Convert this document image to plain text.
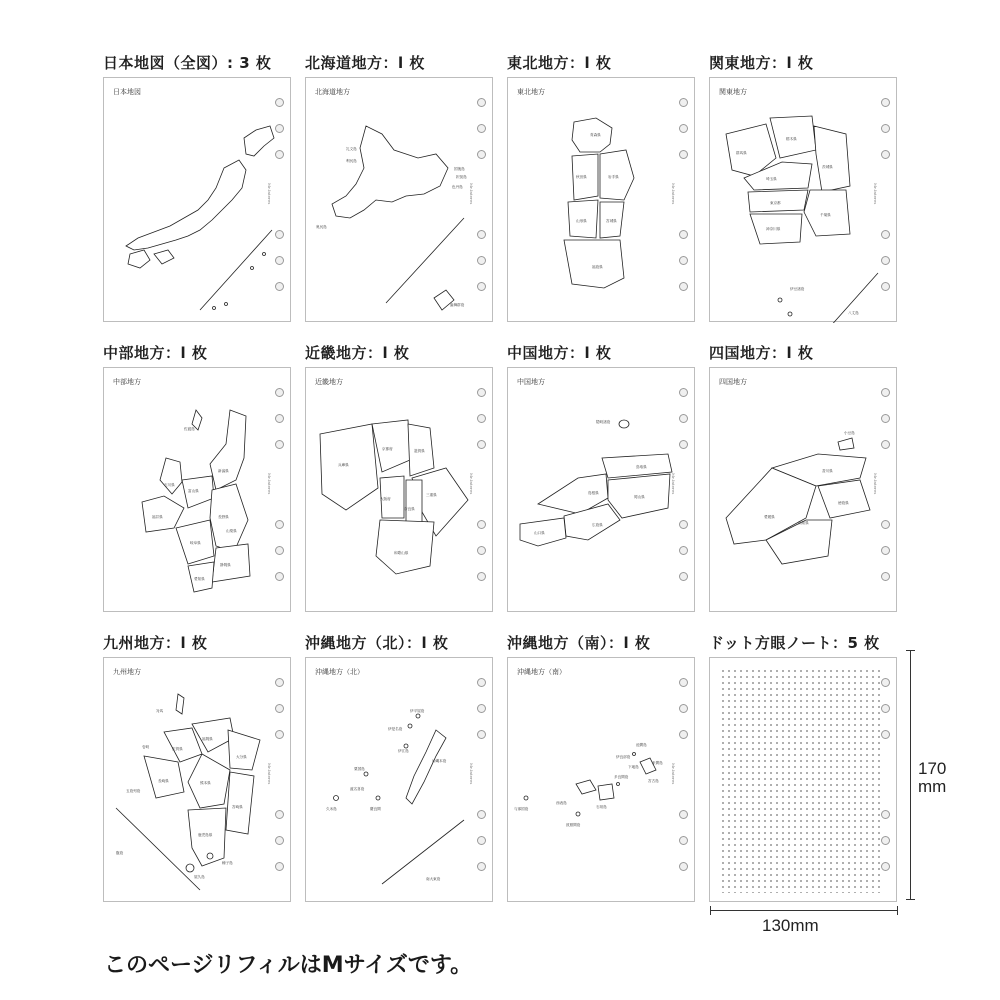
日本地図（全図）: 3 枚
日本地図
Mr.Interes
北海道地方：l 枚
北海道地方
礼文島
利尻島
奥尻島
国後島
択捉島
色丹島
歯舞群島
Mr.Interes
東北地方：l 枚
東北地方
青森県
秋田県	岩手県
山形県	宮城県
福島県
Mr.Interes
関東地方：l 枚
関東地方
群馬県
栃木県
茨城県
埼玉県
東京都
千葉県
神奈川県
伊豆諸島
八丈島
Mr.Interes
中部地方：l 枚
中部地方
佐渡島
新潟県
富山県
石川県
長野県
福井県
山梨県
岐阜県
静岡県
愛知県
Mr.Interes
近畿地方：l 枚
近畿地方
京都府	滋賀県
兵庫県
三重県
大阪府
奈良県
和歌山県
Mr.Interes
中国地方：l 枚
中国地方
隠岐諸島
鳥取県
島根県
岡山県
広島県
山口県
Mr.Interes
四国地方：l 枚
四国地方
小豆島
香川県
愛媛県
徳島県
高知県
Mr.Interes
九州地方：l 枚
九州地方
対馬
福岡県
壱岐	佐賀県
長崎県
大分県
熊本県
宮崎県
鹿児島県
五島列島
種子島
屋久島
甑島
Mr.Interes
沖縄地方（北）：l 枚
沖縄地方（北）
伊平屋島
伊是名島
伊江島
沖縄本島
慶良間
粟国島
久米島
渡名喜島
南大東島
Mr.Interes
沖縄地方（南）：l 枚
沖縄地方（南）
与那国島
西表島
石垣島
宮古島
多良間島
波照間島
伊良部島
池間島
下地島
来間島 Mr.Interes
ドット方眼ノート：5 枚
170
mm
130mm
このページリフィルはMサイズです。
